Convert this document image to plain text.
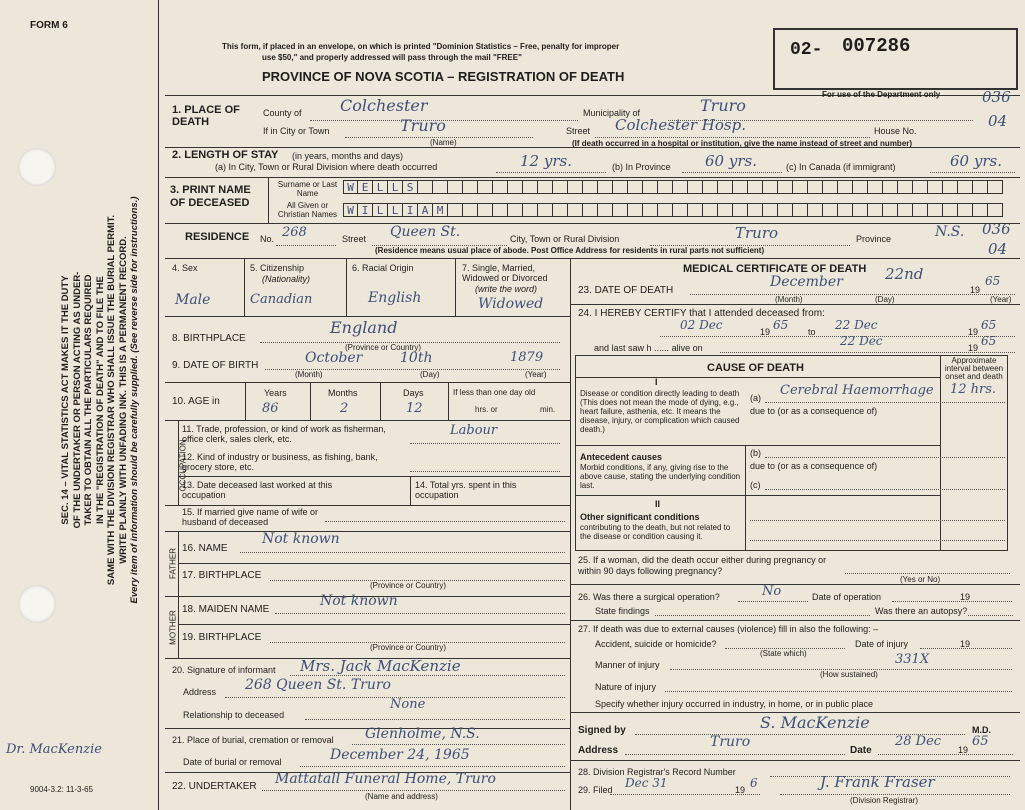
FORM 6
Dr. MacKenzie
9004-3.2: 11-3-65
SEC. 14 – VITAL STATISTICS ACT MAKES IT THE DUTY OF THE UNDERTAKER OR PERSON ACTING AS UNDER- TAKER TO OBTAIN ALL THE PARTICULARS REQUIRED IN THE "REGISTRATION OF DEATH" AND TO FILE THE SAME WITH THE DIVISION REGISTRAR WHO SHALL ISSUE THE BURIAL PERMIT. WRITE PLAINLY WITH UNFADING INK. THIS IS A PERMANENT RECORD. Every item of information should be carefully supplied. (See reverse side for instructions.)
This form, if placed in an envelope, on which is printed "Dominion Statistics – Free, penalty for improper
use $50," and properly addressed will pass through the mail "FREE"
PROVINCE OF NOVA SCOTIA – REGISTRATION OF DEATH
02- 007286
For use of the Department only	036
04
036
04
1. PLACE OF DEATH
County of Colchester	Municipality of	Truro
If in City or Town	Truro
(Name)
Street Colchester Hosp.	House No.
(If death occurred in a hospital or institution, give the name instead of street and number)
2. LENGTH OF STAY (in years, months and days)
(a) In City, Town or Rural Division where death occurred	12 yrs.	(b) In Province 60 yrs.	(c) In Canada (if immigrant)	60 yrs.
3. PRINT NAME OF DECEASED
Surname or Last Name
All Given or Christian Names
W E L L S
W I L L I A M
RESIDENCE No. 268	Street Queen St.	City, Town or Rural Division	Truro	Province	N.S.
(Residence means usual place of abode. Post Office Address for residents in rural parts not sufficient)
4. Sex
Male
5. Citizenship
(Nationality)
Canadian
6. Racial Origin
English
7. Single, Married, Widowed or Divorced
(write the word)
Widowed
8. BIRTHPLACE
England
(Province or Country)
9. DATE OF BIRTH	October	10th	1879
(Month)	(Day)	(Year)
10. AGE in
Years	Months	Days
86	2	12
If less than one day old
hrs. or	min.
OCCUPATION
11. Trade, profession, or kind of work as fisherman, office clerk, sales clerk, etc.
Labour
12. Kind of industry or business, as fishing, bank, grocery store, etc.
13. Date deceased last worked at this occupation
14. Total yrs. spent in this occupation
15. If married give name of wife or husband of deceased
FATHER 16. NAME
Not known
17. BIRTHPLACE
(Province or Country)
MOTHER
18. MAIDEN NAME
Not known
19. BIRTHPLACE
(Province or Country)
20. Signature of informant Mrs. Jack MacKenzie
Address 268 Queen St. Truro
None
Relationship to deceased
21. Place of burial, cremation or removal Glenholme, N.S.
Date of burial or removal	December 24, 1965
22. UNDERTAKER Mattatall Funeral Home, Truro
(Name and address)
MEDICAL CERTIFICATE OF DEATH
23. DATE OF DEATH
December	22nd
19
65
(Month)	(Day)	(Year)
24. I HEREBY CERTIFY that I attended deceased from:
02 Dec	19 65 to 22 Dec	19 65
and last saw h ...... alive on	22 Dec	19 65
CAUSE OF DEATH
Approximate interval between onset and death
I
Disease or condition directly leading to death (This does not mean the mode of dying, e.g., heart failure, asthenia, etc. It means the disease, injury, or complication which caused death.)
(a) Cerebral Haemorrhage 12 hrs.
due to (or as a consequence of)
Antecedent causes
Morbid conditions, if any, giving rise to the above cause, stating the underlying condition last.
(b)
due to (or as a consequence of)
(c)
II
Other significant conditions
contributing to the death, but not related to the disease or condition causing it.
25. If a woman, did the death occur either during pregnancy or within 90 days following pregnancy?
(Yes or No)
26. Was there a surgical operation?	No	Date of operation	19
State findings	Was there an autopsy?
27. If death was due to external causes (violence) fill in also the following: –
Accident, suicide or homicide?
(State which)
Date of injury	19
Manner of injury	331X
(How sustained)
Nature of injury
Specify whether injury occurred in industry, in home, or in public place
Signed by	S. MacKenzie	M.D.
Address
Truro
Date
28 Dec
19
65
28. Division Registrar's Record Number
29. Filed Dec 31	19 6	J. Frank Fraser
(Division Registrar)
